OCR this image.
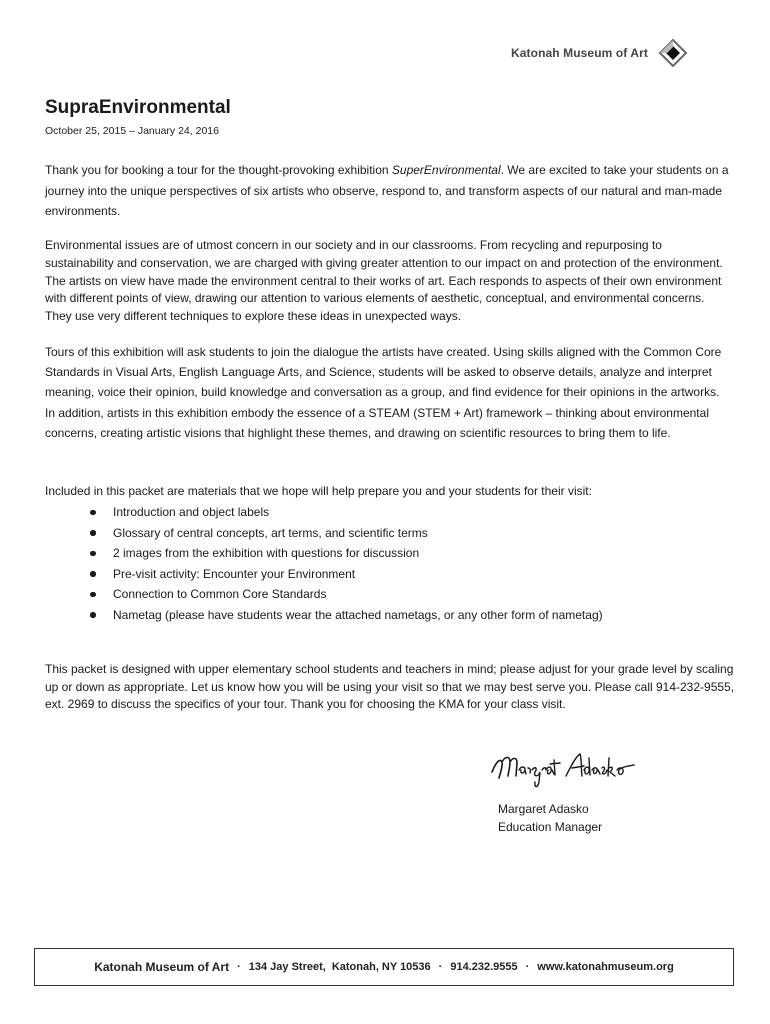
Katonah Museum of Art
SupraEnvironmental
October 25, 2015 – January 24, 2016

Thank you for booking a tour for the thought-provoking exhibition SuperEnvironmental. We are excited to take your students on a journey into the unique perspectives of six artists who observe, respond to, and transform aspects of our natural and man-made environments.

Environmental issues are of utmost concern in our society and in our classrooms. From recycling and repurposing to sustainability and conservation, we are charged with giving greater attention to our impact on and protection of the environment. The artists on view have made the environment central to their works of art. Each responds to aspects of their own environment with different points of view, drawing our attention to various elements of aesthetic, conceptual, and environmental concerns. They use very different techniques to explore these ideas in unexpected ways.

Tours of this exhibition will ask students to join the dialogue the artists have created. Using skills aligned with the Common Core Standards in Visual Arts, English Language Arts, and Science, students will be asked to observe details, analyze and interpret meaning, voice their opinion, build knowledge and conversation as a group, and find evidence for their opinions in the artworks. In addition, artists in this exhibition embody the essence of a STEAM (STEM + Art) framework – thinking about environmental concerns, creating artistic visions that highlight these themes, and drawing on scientific resources to bring them to life.

Included in this packet are materials that we hope will help prepare you and your students for their visit:

Introduction and object labels
Glossary of central concepts, art terms, and scientific terms
2 images from the exhibition with questions for discussion
Pre-visit activity: Encounter your Environment
Connection to Common Core Standards
Nametag (please have students wear the attached nametags, or any other form of nametag)

This packet is designed with upper elementary school students and teachers in mind; please adjust for your grade level by scaling up or down as appropriate. Let us know how you will be using your visit so that we may best serve you. Please call 914-232-9555, ext. 2969 to discuss the specifics of your tour. Thank you for choosing the KMA for your class visit.

Margaret Adasko
Education Manager
Katonah Museum of Art · 134 Jay Street , Katonah, NY 10536 · 914.232.9555 · www.katonahmuseum.org
